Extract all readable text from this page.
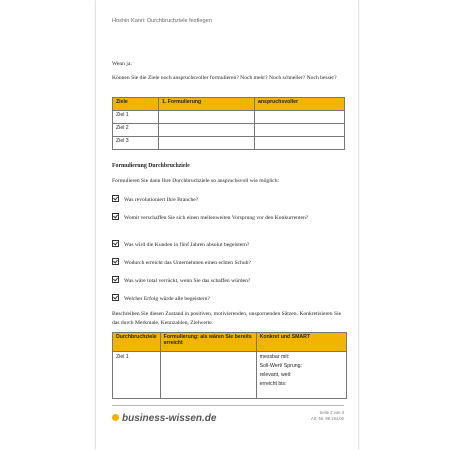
Hoshin Kanri: Durchbruchziele festlegen
Wenn ja:
Können Sie die Ziele noch anspruchsvoller formulieren? Noch mehr? Noch schneller? Noch besser?
Ziele	1. Formulierung	anspruchsvoller
Ziel 1		
Ziel 2		
Ziel 3		
Formulierung Durchbruchziele
Formulieren Sie dann Ihre Durchbruchziele so anspruchsvoll wie möglich:
Was revolutioniert Ihre Branche?
Womit verschaffen Sie sich einen meilenweiten Vorsprung vor den Konkurrenten?
Was wird die Kunden in fünf Jahren absolut begeistern?
Wodurch erreicht das Unternehmen einen echten Schub?
Was wäre total verrückt, wenn Sie das schaffen würden?
Welcher Erfolg würde alle begeistern?
Beschreiben Sie diesen Zustand in positiven, motivierenden, unspornenden Sätzen. Konkretisieren Sie das durch Merkmale, Kennzahlen, Zielwerte.
Durchbruchziele	Formulierung: als wären Sie bereits erreicht	Konkret und SMART
Ziel 1		messbar mit:
Soll-Wert/ Sprung:
relevant, weil:
erreicht bis:
business-wissen.de
Seite 2 von 3
Art.-Nr. 99.191.02
